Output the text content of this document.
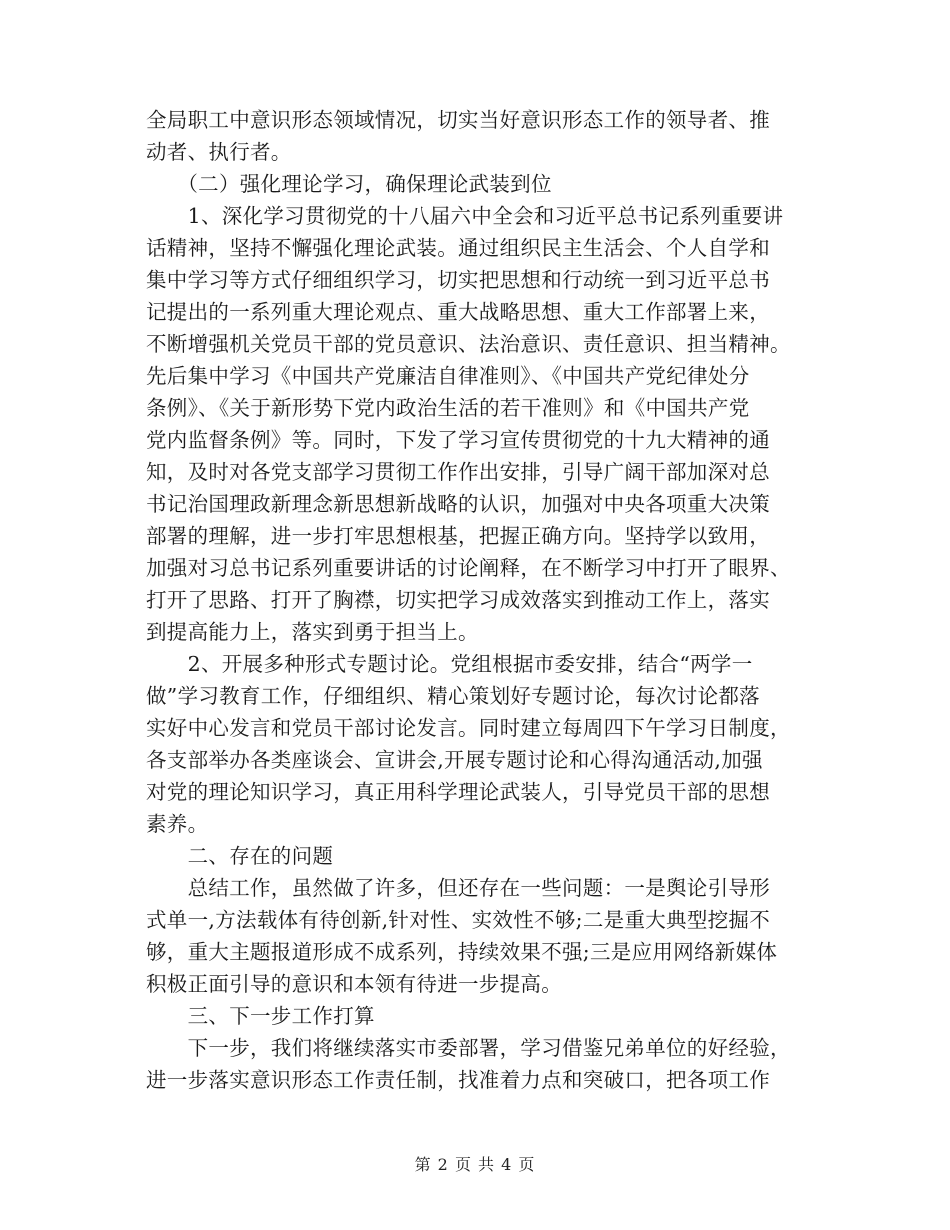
全局职工中意识形态领域情况，切实当好意识形态工作的领导者、推
动者、执行者。
　　（二）强化理论学习，确保理论武装到位
　　1、深化学习贯彻党的十八届六中全会和习近平总书记系列重要讲
话精神，坚持不懈强化理论武装。通过组织民主生活会、个人自学和
集中学习等方式仔细组织学习，切实把思想和行动统一到习近平总书
记提出的一系列重大理论观点、重大战略思想、重大工作部署上来，
不断增强机关党员干部的党员意识、法治意识、责任意识、担当精神。
先后集中学习《中国共产党廉洁自律准则》、《中国共产党纪律处分
条例》、《关于新形势下党内政治生活的若干准则》和《中国共产党
党内监督条例》等。同时，下发了学习宣传贯彻党的十九大精神的通
知，及时对各党支部学习贯彻工作作出安排，引导广阔干部加深对总
书记治国理政新理念新思想新战略的认识，加强对中央各项重大决策
部署的理解，进一步打牢思想根基，把握正确方向。坚持学以致用，
加强对习总书记系列重要讲话的讨论阐释，在不断学习中打开了眼界、
打开了思路、打开了胸襟，切实把学习成效落实到推动工作上，落实
到提高能力上，落实到勇于担当上。
　　2、开展多种形式专题讨论。党组根据市委安排，结合“两学一
做”学习教育工作，仔细组织、精心策划好专题讨论，每次讨论都落
实好中心发言和党员干部讨论发言。同时建立每周四下午学习日制度，
各支部举办各类座谈会、宣讲会,开展专题讨论和心得沟通活动,加强
对党的理论知识学习，真正用科学理论武装人，引导党员干部的思想
素养。
　　二、存在的问题
　　总结工作，虽然做了许多，但还存在一些问题：一是舆论引导形
式单一,方法载体有待创新,针对性、实效性不够;二是重大典型挖掘不
够，重大主题报道形成不成系列，持续效果不强;三是应用网络新媒体
积极正面引导的意识和本领有待进一步提高。
　　三、下一步工作打算
　　下一步，我们将继续落实市委部署，学习借鉴兄弟单位的好经验，
进一步落实意识形态工作责任制，找准着力点和突破口，把各项工作
第 2 页 共 4 页
